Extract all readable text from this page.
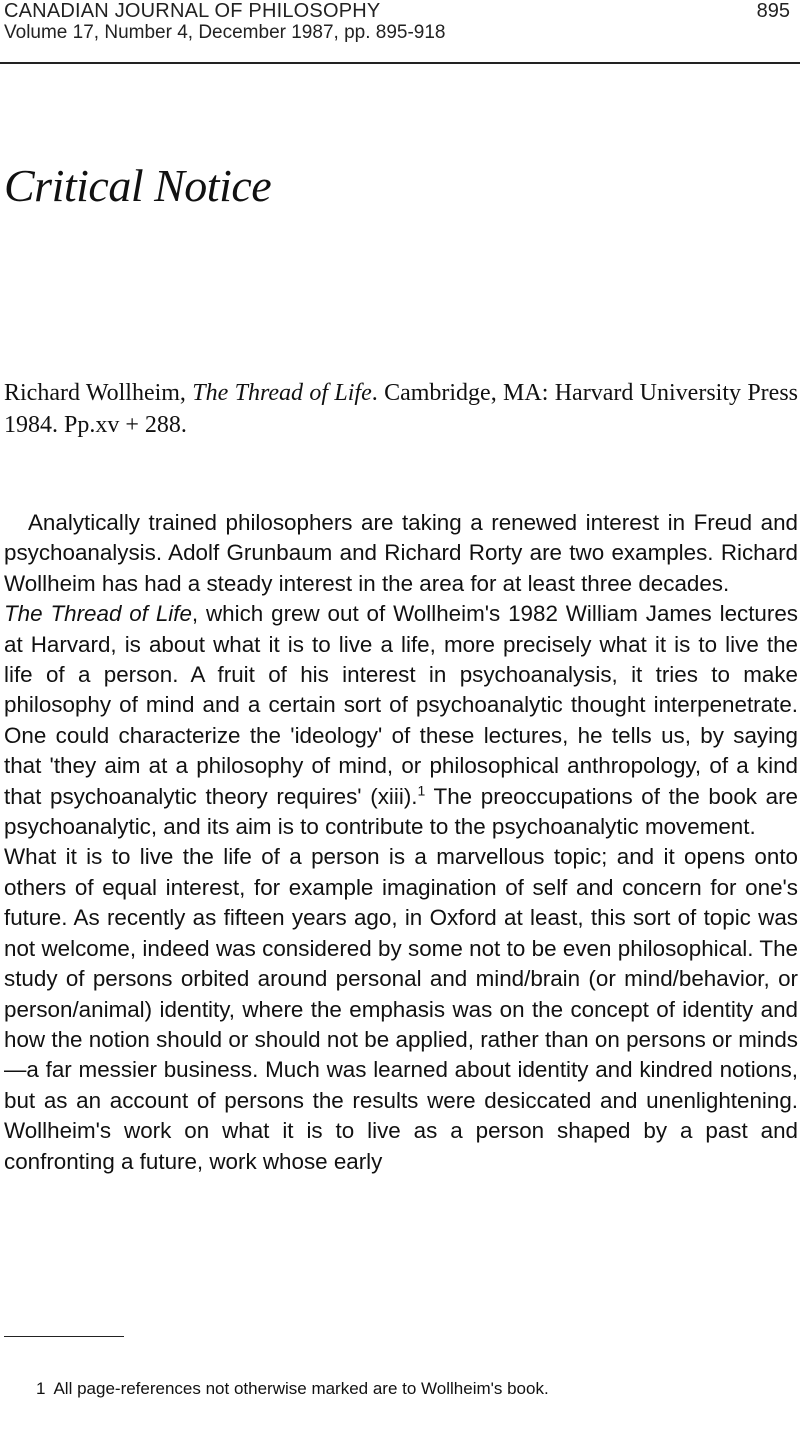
CANADIAN JOURNAL OF PHILOSOPHY
Volume 17, Number 4, December 1987, pp. 895-918
895
Critical Notice
Richard Wollheim, The Thread of Life. Cambridge, MA: Harvard University Press 1984. Pp.xv + 288.

Analytically trained philosophers are taking a renewed interest in Freud and psychoanalysis. Adolf Grunbaum and Richard Rorty are two examples. Richard Wollheim has had a steady interest in the area for at least three decades.

The Thread of Life, which grew out of Wollheim's 1982 William James lectures at Harvard, is about what it is to live a life, more precisely what it is to live the life of a person. A fruit of his interest in psychoanalysis, it tries to make philosophy of mind and a certain sort of psychoanalytic thought interpenetrate. One could characterize the 'ideology' of these lectures, he tells us, by saying that 'they aim at a philosophy of mind, or philosophical anthropology, of a kind that psychoanalytic theory requires' (xiii).$^1$ The preoccupations of the book are psychoanalytic, and its aim is to contribute to the psychoanalytic movement.

What it is to live the life of a person is a marvellous topic; and it opens onto others of equal interest, for example imagination of self and concern for one's future. As recently as fifteen years ago, in Oxford at least, this sort of topic was not welcome, indeed was considered by some not to be even philosophical. The study of persons orbited around personal and mind/brain (or mind/behavior, or person/animal) identity, where the emphasis was on the concept of identity and how the notion should or should not be applied, rather than on persons or minds—a far messier business. Much was learned about identity and kindred notions, but as an account of persons the results were desiccated and unenlightening. Wollheim's work on what it is to live as a person shaped by a past and confronting a future, work whose early

1 All page-references not otherwise marked are to Wollheim's book.
